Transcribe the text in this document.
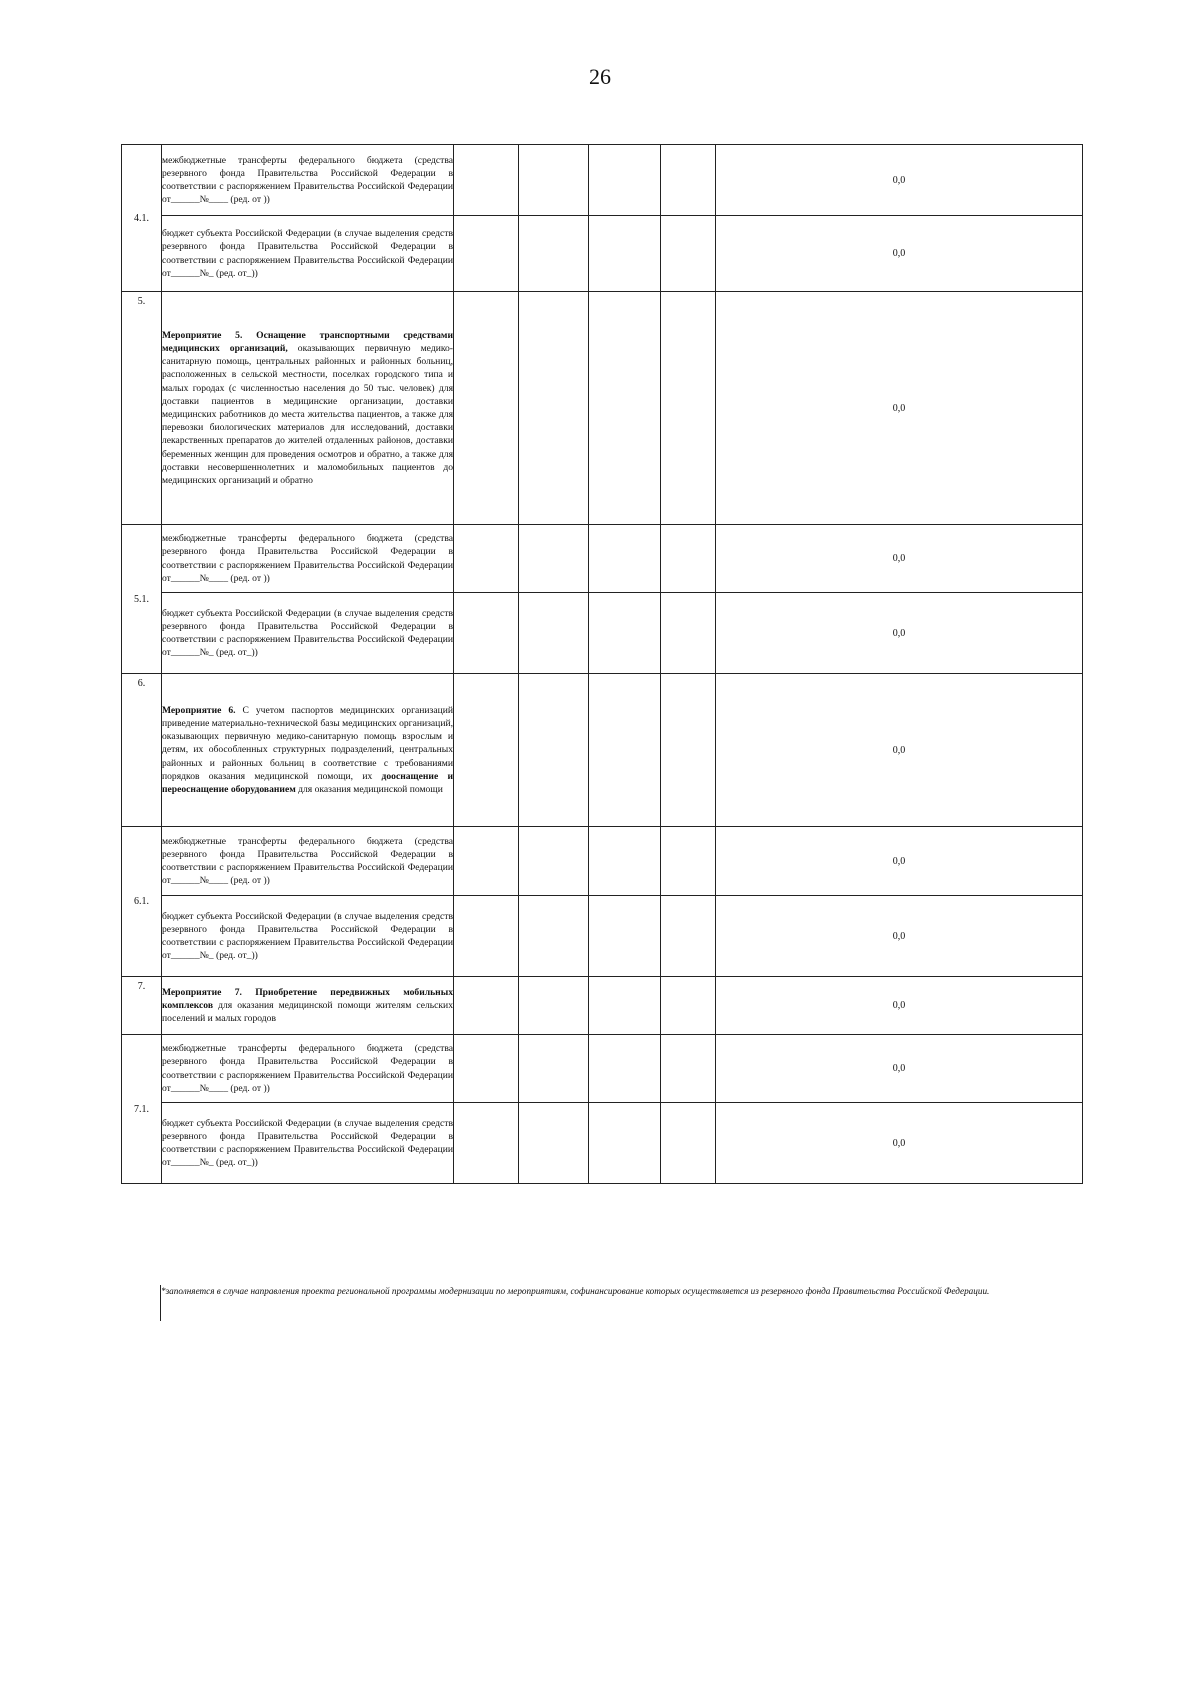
26
4.1.	межбюджетные трансферты федерального бюджета (средства резервного фонда Правительства Российской Федерации в соответствии с распоряжением Правительства Российской Федерации от______№____ (ред. от ))					0,0
	бюджет субъекта Российской Федерации (в случае выделения средств резервного фонда Правительства Российской Федерации в соответствии с распоряжением Правительства Российской Федерации от______№_ (ред. от_))					0,0
5.	Мероприятие 5. Оснащение транспортными средствами медицинских организаций, оказывающих первичную медико-санитарную помощь, центральных районных и районных больниц, расположенных в сельской местности, поселках городского типа и малых городах (с численностью населения до 50 тыс. человек) для доставки пациентов в медицинские организации, доставки медицинских работников до места жительства пациентов, а также для перевозки биологических материалов для исследований, доставки лекарственных препаратов до жителей отдаленных районов, доставки беременных женщин для проведения осмотров и обратно, а также для доставки несовершеннолетних и маломобильных пациентов до медицинских организаций и обратно					0,0
5.1.	межбюджетные трансферты федерального бюджета (средства резервного фонда Правительства Российской Федерации в соответствии с распоряжением Правительства Российской Федерации от______№____ (ред. от ))					0,0
	бюджет субъекта Российской Федерации (в случае выделения средств резервного фонда Правительства Российской Федерации в соответствии с распоряжением Правительства Российской Федерации от______№_ (ред. от_))					0,0
6.	Мероприятие 6. С учетом паспортов медицинских организаций приведение материально-технической базы медицинских организаций, оказывающих первичную медико-санитарную помощь взрослым и детям, их обособленных структурных подразделений, центральных районных и районных больниц в соответствие с требованиями порядков оказания медицинской помощи, их дооснащение и переоснащение оборудованием для оказания медицинской помощи					0,0
6.1.	межбюджетные трансферты федерального бюджета (средства резервного фонда Правительства Российской Федерации в соответствии с распоряжением Правительства Российской Федерации от______№____ (ред. от ))					0,0
	бюджет субъекта Российской Федерации (в случае выделения средств резервного фонда Правительства Российской Федерации в соответствии с распоряжением Правительства Российской Федерации от______№_ (ред. от_))					0,0
7.	Мероприятие 7. Приобретение передвижных мобильных комплексов для оказания медицинской помощи жителям сельских поселений и малых городов					0,0
7.1.	межбюджетные трансферты федерального бюджета (средства резервного фонда Правительства Российской Федерации в соответствии с распоряжением Правительства Российской Федерации от______№____ (ред. от ))					0,0
	бюджет субъекта Российской Федерации (в случае выделения средств резервного фонда Правительства Российской Федерации в соответствии с распоряжением Правительства Российской Федерации от______№_ (ред. от_))					0,0
*заполняется в случае направления проекта региональной программы модернизации по мероприятиям, софинансирование которых осуществляется из резервного фонда Правительства Российской Федерации.
